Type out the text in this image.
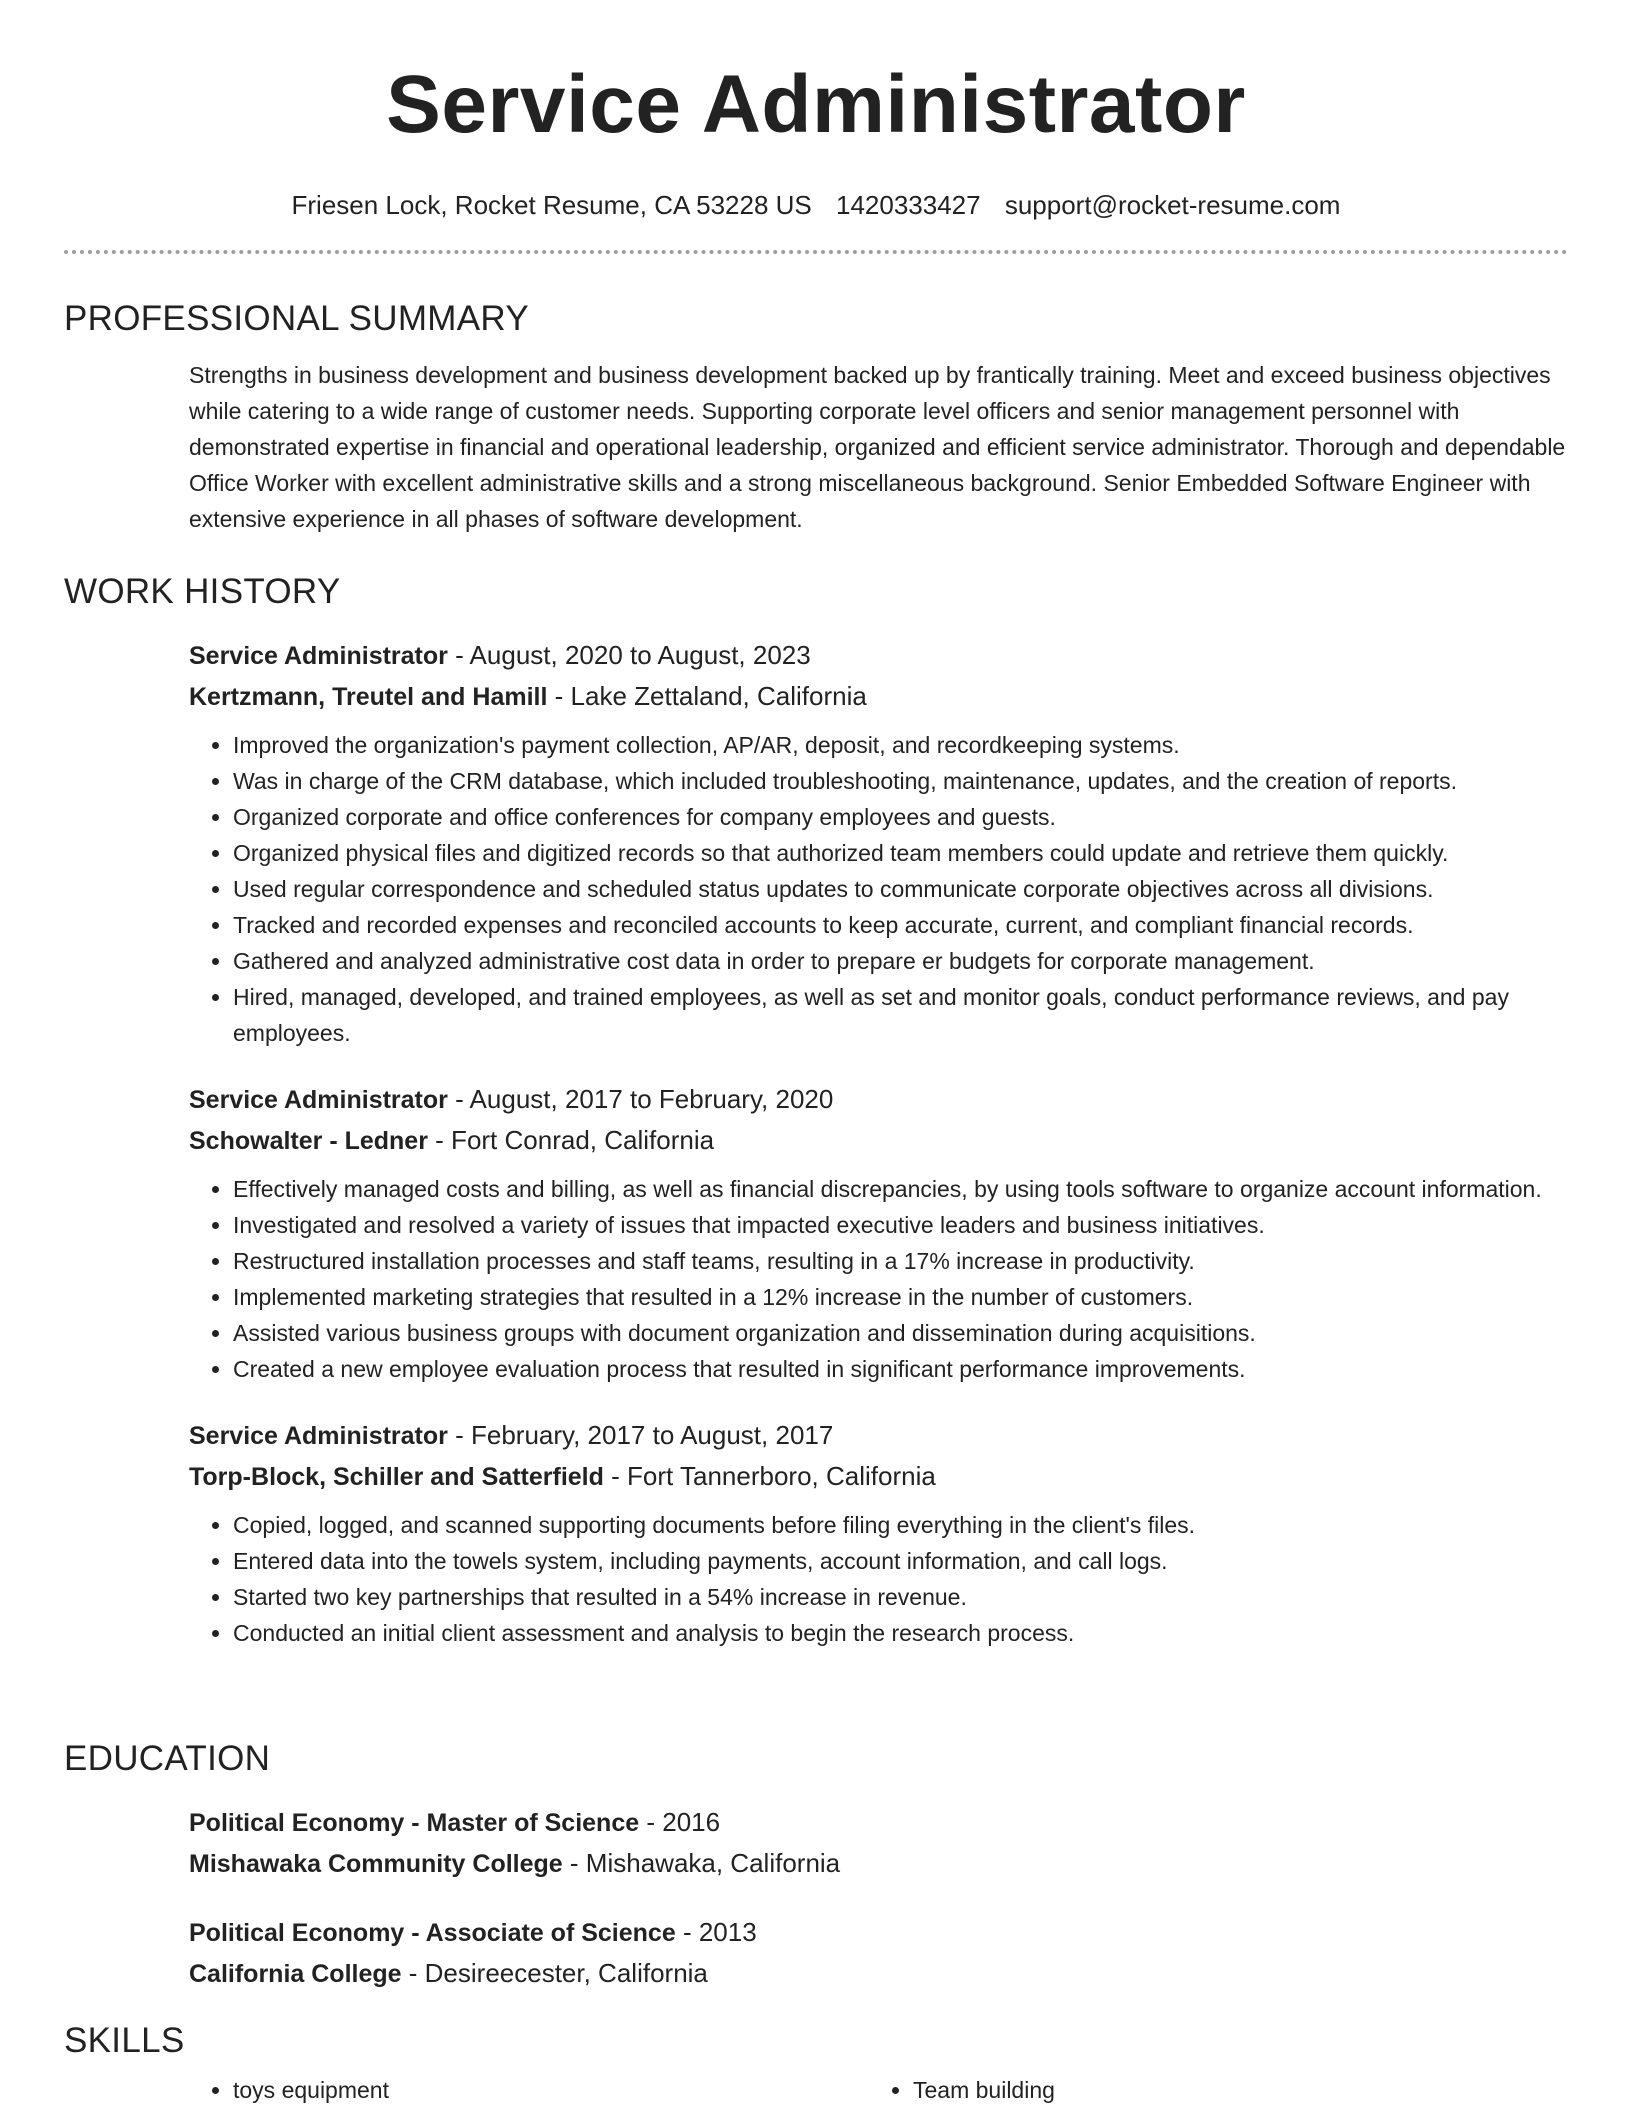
Service Administrator
Friesen Lock, Rocket Resume, CA 53228 US 1420333427 support@rocket-resume.com
PROFESSIONAL SUMMARY
Strengths in business development and business development backed up by frantically training. Meet and exceed business objectives while catering to a wide range of customer needs. Supporting corporate level officers and senior management personnel with demonstrated expertise in financial and operational leadership, organized and efficient service administrator. Thorough and dependable Office Worker with excellent administrative skills and a strong miscellaneous background. Senior Embedded Software Engineer with extensive experience in all phases of software development.
WORK HISTORY
Service Administrator - August, 2020 to August, 2023
Kertzmann, Treutel and Hamill - Lake Zettaland, California
• Improved the organization's payment collection, AP/AR, deposit, and recordkeeping systems.
• Was in charge of the CRM database, which included troubleshooting, maintenance, updates, and the creation of reports.
• Organized corporate and office conferences for company employees and guests.
• Organized physical files and digitized records so that authorized team members could update and retrieve them quickly.
• Used regular correspondence and scheduled status updates to communicate corporate objectives across all divisions.
• Tracked and recorded expenses and reconciled accounts to keep accurate, current, and compliant financial records.
• Gathered and analyzed administrative cost data in order to prepare er budgets for corporate management.
• Hired, managed, developed, and trained employees, as well as set and monitor goals, conduct performance reviews, and pay employees.
Service Administrator - August, 2017 to February, 2020
Schowalter - Ledner - Fort Conrad, California
• Effectively managed costs and billing, as well as financial discrepancies, by using tools software to organize account information.
• Investigated and resolved a variety of issues that impacted executive leaders and business initiatives.
• Restructured installation processes and staff teams, resulting in a 17% increase in productivity.
• Implemented marketing strategies that resulted in a 12% increase in the number of customers.
• Assisted various business groups with document organization and dissemination during acquisitions.
• Created a new employee evaluation process that resulted in significant performance improvements.
Service Administrator - February, 2017 to August, 2017
Torp-Block, Schiller and Satterfield - Fort Tannerboro, California
• Copied, logged, and scanned supporting documents before filing everything in the client's files.
• Entered data into the towels system, including payments, account information, and call logs.
• Started two key partnerships that resulted in a 54% increase in revenue.
• Conducted an initial client assessment and analysis to begin the research process.
EDUCATION
Political Economy - Master of Science - 2016
Mishawaka Community College - Mishawaka, California
Political Economy - Associate of Science - 2013
California College - Desireecester, California
SKILLS
• toys equipment
•	Team building
